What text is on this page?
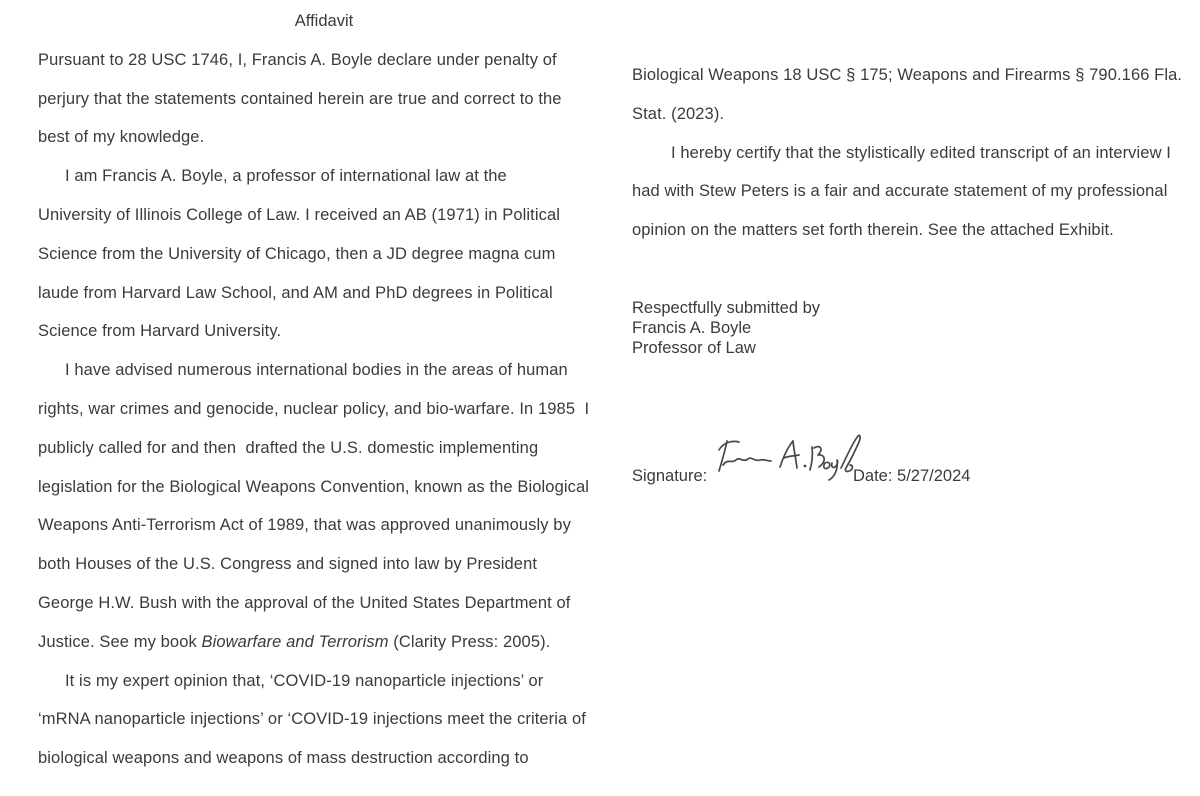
Affidavit
Pursuant to 28 USC 1746, I, Francis A. Boyle declare under penalty of
perjury that the statements contained herein are true and correct to the
best of my knowledge.
I am Francis A. Boyle, a professor of international law at the
University of Illinois College of Law. I received an AB (1971) in Political
Science from the University of Chicago, then a JD degree magna cum
laude from Harvard Law School, and AM and PhD degrees in Political
Science from Harvard University.
I have advised numerous international bodies in the areas of human
rights, war crimes and genocide, nuclear policy, and bio-warfare. In 1985  I
publicly called for and then  drafted the U.S. domestic implementing
legislation for the Biological Weapons Convention, known as the Biological
Weapons Anti-Terrorism Act of 1989, that was approved unanimously by
both Houses of the U.S. Congress and signed into law by President
George H.W. Bush with the approval of the United States Department of
Justice. See my book Biowarfare and Terrorism (Clarity Press: 2005).
It is my expert opinion that, ‘COVID-19 nanoparticle injections’ or
‘mRNA nanoparticle injections’ or ‘COVID-19 injections meet the criteria of
biological weapons and weapons of mass destruction according to
Biological Weapons 18 USC § 175; Weapons and Firearms § 790.166 Fla.
Stat. (2023).
I hereby certify that the stylistically edited transcript of an interview I
had with Stew Peters is a fair and accurate statement of my professional
opinion on the matters set forth therein. See the attached Exhibit.
Respectfully submitted by
Francis A. Boyle
Professor of Law
Signature:	Date: 5/27/2024
